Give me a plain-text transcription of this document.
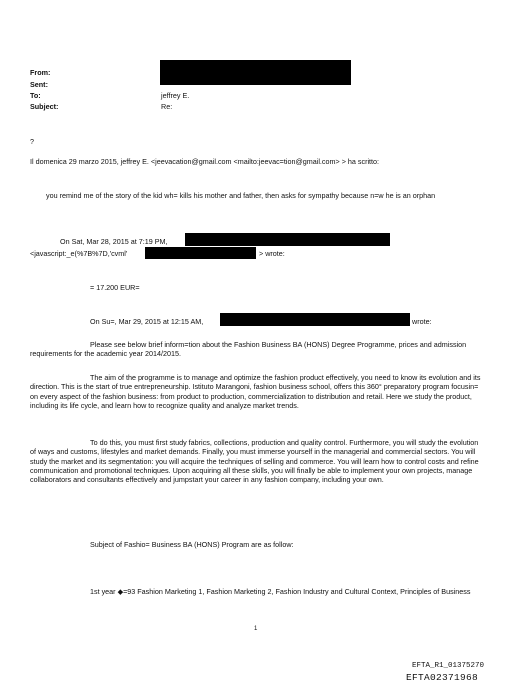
From:
Sent:
To:
Subject:
jeffrey E.
Re:
?
Il domenica 29 marzo 2015, jeffrey E. <jeevacation@gmail.com <mailto:jeevac=tion@gmail.com> > ha scritto:

you remind me of the story of the kid wh= kills his mother and father, then asks for sympathy because n=w he is an orphan

On Sat, Mar 28, 2015 at 7:19 PM,
<javascript:_e(%7B%7D,'cvml'	> wrote:
= 17.200 EUR=
On Su=, Mar 29, 2015 at 12:15 AM,	wrote:

Please see below brief inform=tion about the Fashion Business BA (HONS) Degree Programme, prices and admission requirements for the academic year 2014/2015.

The aim of the programme is to manage and optimize the fashion product effectively, you need to know its evolution and its direction. This is the start of true entrepreneurship. Istituto Marangoni, fashion business school, offers this 360° preparatory program focusin= on every aspect of the fashion business: from product to production, commercialization to distribution and retail. Here we study the product, including its life cycle, and learn how to recognize quality and analyze market trends.

To do this, you must first study fabrics, collections, production and quality control. Furthermore, you will study the evolution of ways and customs, lifestyles and market demands. Finally, you must immerse yourself in the managerial and commercial sectors. You will study the market and its segmentation: you will acquire the techniques of selling and commerce. You will learn how to control costs and refine communication and promotional techniques. Upon acquiring all these skills, you will finally be able to implement your own projects, manage collaborators and consultants effectively and jumpstart your career in any fashion company, including your own.

Subject of Fashio= Business BA (HONS) Program are as follow:

1st year ◆=93 Fashion Marketing 1, Fashion Marketing 2, Fashion Industry and Cultural Context, Principles of Business

1
EFTA_R1_01375270
EFTA02371968
